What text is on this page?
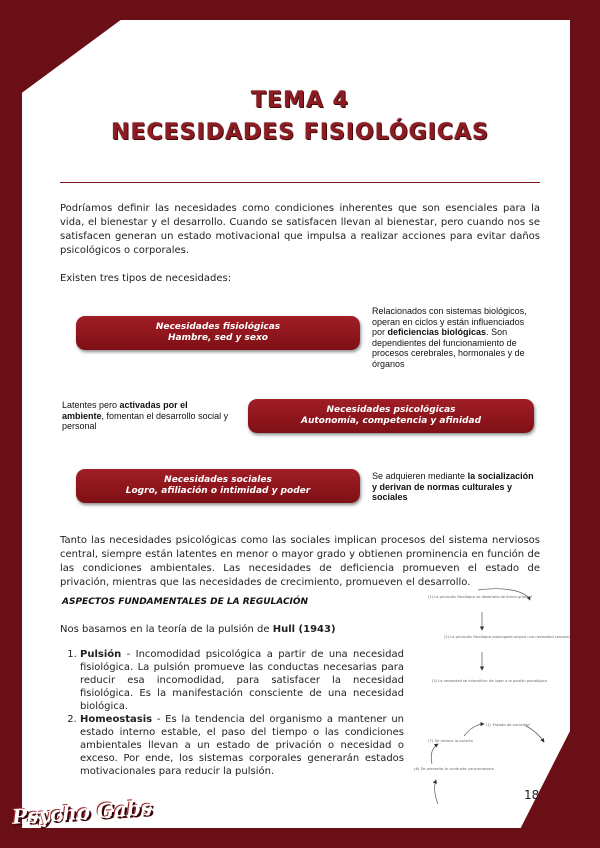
TEMA 4
NECESIDADES FISIOLÓGICAS
Podríamos definir las necesidades como condiciones inherentes que son esenciales para la vida, el bienestar y el desarrollo. Cuando se satisfacen llevan al bienestar, pero cuando nos se satisfacen generan un estado motivacional que impulsa a realizar acciones para evitar daños psicológicos o corporales.
Existen tres tipos de necesidades:
Necesidades fisiológicas
Hambre, sed y sexo
Relacionados con sistemas biológicos, operan en ciclos y están influenciados por deficiencias biológicas. Son dependientes del funcionamiento de procesos cerebrales, hormonales y de órganos
Latentes pero activadas por el ambiente, fomentan el desarrollo social y personal
Necesidades psicológicas
Autonomía, competencia y afinidad
Necesidades sociales
Logro, afiliación o intimidad y poder
Se adquieren mediante la socialización y derivan de normas culturales y sociales
Tanto las necesidades psicológicas como las sociales implican procesos del sistema nerviosos central, siempre están latentes en menor o mayor grado y obtienen prominencia en función de las condiciones ambientales. Las necesidades de deficiencia promueven el estado de privación, mientras que las necesidades de crecimiento, promueven el desarrollo.
ASPECTOS FUNDAMENTALES DE LA REGULACIÓN
Nos basamos en la teoría de la pulsión de Hull (1943)
1. Pulsión - Incomodidad psicológica a partir de una necesidad fisiológica. La pulsión promueve las conductas necesarias para reducir esa incomodidad, para satisfacer la necesidad fisiológica. Es la manifestación consciente de una necesidad biológica.
2. Homeostasis - Es la tendencia del organismo a mantener un estado interno estable, el paso del tiempo o las condiciones ambientales llevan a un estado de privación o necesidad o exceso. Por ende, los sistemas corporales generarán estados motivacionales para reducir la pulsión.
(1) La privación fisiológica se desarrolla de forma gradual
(2) La privación fisiológica prolongada origina una necesidad corporal
(3) La necesidad se intensifica: da lugar a la pulsión psicológica
(1) Estado de saciedad
(7) Se reduce la pulsión
(6) Se presenta la conducta consumatoria
18
Psycho Gabs
